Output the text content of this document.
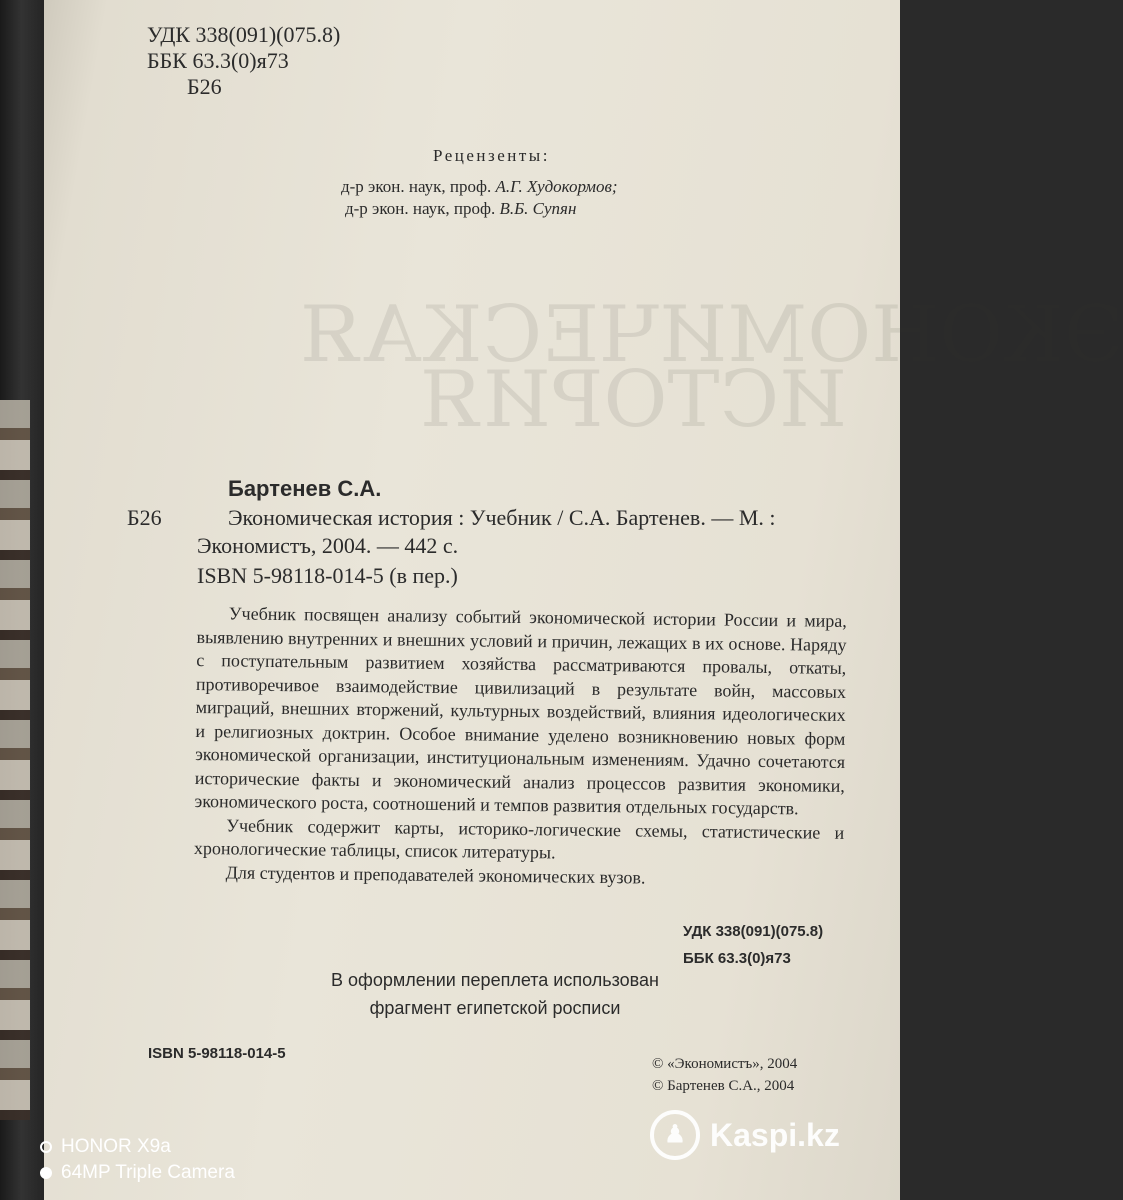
ЭКОНОМИЧЕСКАЯ
ИСТОРИЯ
УДК 338(091)(075.8)
ББК 63.3(0)я73
Б26
Рецензенты:
д-р экон. наук, проф. А.Г. Худокормов;
д-р экон. наук, проф. В.Б. Супян
Бартенев С.А.
Б26	Экономическая история : Учебник / С.А. Бартенев. — М. :
Экономистъ, 2004. — 442 с.
ISBN 5-98118-014-5 (в пер.)

Учебник посвящен анализу событий экономической истории России и мира, выявлению внутренних и внешних условий и причин, лежащих в их основе. Наряду с поступательным развитием хозяйства рассматриваются провалы, откаты, противоречивое взаимодействие цивилизаций в результате войн, массовых миграций, внешних вторжений, культурных воздействий, влияния идеологических и религиозных доктрин. Особое внимание уделено возникновению новых форм экономической организации, институциональным изменениям. Удачно сочетаются исторические факты и экономический анализ процессов развития экономики, экономического роста, соотношений и темпов развития отдельных государств.

Учебник содержит карты, историко-логические схемы, статистические и хронологические таблицы, список литературы.

Для студентов и преподавателей экономических вузов.

УДК 338(091)(075.8)
ББК 63.3(0)я73
В оформлении переплета использован
фрагмент египетской росписи
ISBN 5-98118-014-5
© «Экономистъ», 2004
© Бартенев С.А., 2004
HONOR X9a
64MP Triple Camera
♟ Kaspi.kz
